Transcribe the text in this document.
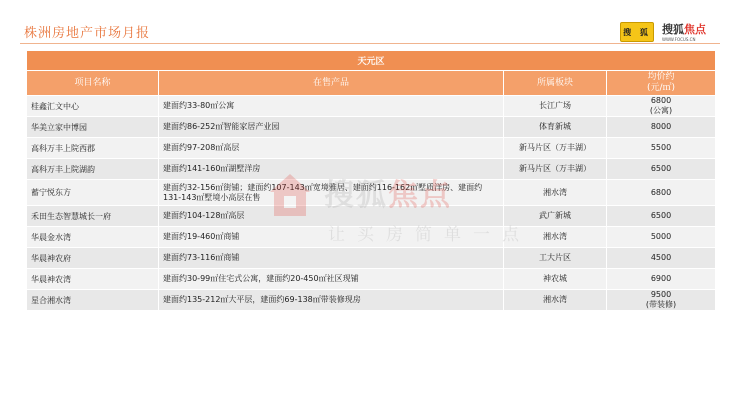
株洲房地产市场月报	搜 狐 搜狐焦点
WWW.FOCUS.CN
天元区			
项目名称	在售产品	所属板块	均价约
(元/㎡)
桂鑫汇文中心	建面约33-80㎡公寓	长江广场	6800
(公寓)
华美立家中博园	建面约86-252㎡智能家居产业园	体育新城	8000
高科万丰上院西郡	建面约97-208㎡高层	新马片区（万丰湖）	5500
高科万丰上院湖韵	建面约141-160㎡湖墅洋房	新马片区（万丰湖）	6500
蓄宁悦东方	建面约32-156㎡街铺；建面约107-143㎡宽境雅居、建面约116-162㎡墅质洋房、建面约131-143㎡墅境小高层在售	湘水湾	6800
禾田生态智慧城长一府	建面约104-128㎡高层	武广新城	6500
华晨金水湾	建面约19-460㎡商铺	湘水湾	5000
华晨神农府	建面约73-116㎡商铺	工大片区	4500
华晨神农湾	建面约30-99㎡住宅式公寓，建面约20-450㎡社区现铺	神农城	6900
星合湘水湾	建面约135-212㎡大平层，建面约69-138㎡带装修现房	湘水湾	9500
(带装修)
搜狐焦点
让买房简单一点
